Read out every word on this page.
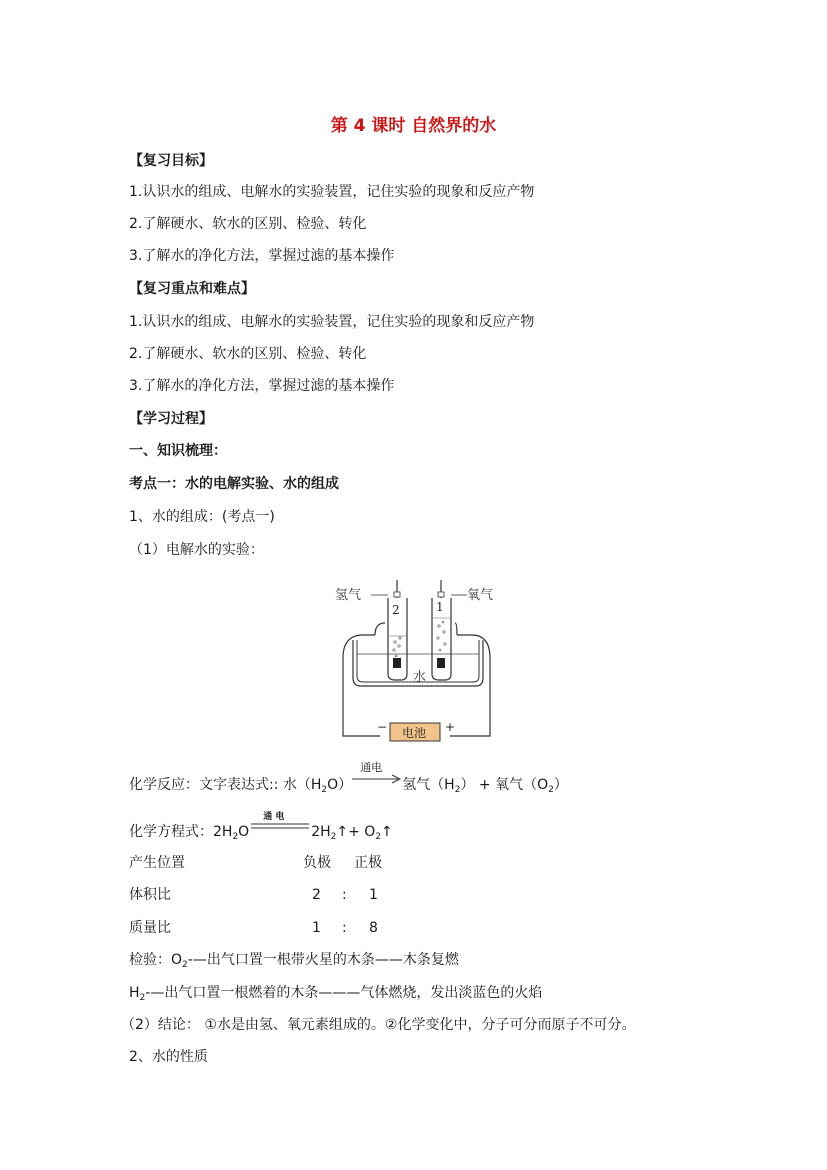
第 4 课时 自然界的水
【复习目标】
1.认识水的组成、电解水的实验装置，记住实验的现象和反应产物
2.了解硬水、软水的区别、检验、转化
3.了解水的净化方法，掌握过滤的基本操作
【复习重点和难点】
1.认识水的组成、电解水的实验装置，记住实验的现象和反应产物
2.了解硬水、软水的区别、检验、转化
3.了解水的净化方法，掌握过滤的基本操作
【学习过程】
一、知识梳理：
考点一：水的电解实验、水的组成
1、水的组成：(考点一)
（1）电解水的实验：
氢气	氧气
2	1
水
电池
−	+
化学反应：文字表达式:: 水$(H_2O)$
通电
氢气$(H_2)$ + 氧气$(O_2)$
化学方程式：$2H_2O$
通 电
$2H_2↑+$ $O_2↑$
产生位置	负极 正极
体积比	2 : 1
质量比	1 : 8
检验：$O_2-—$出气口置一根带火星的木条——木条复燃
$H_2-—$出气口置一根燃着的木条———气体燃烧，发出淡蓝色的火焰
（2）结论： ①水是由氢、氧元素组成的。②化学变化中，分子可分而原子不可分。
2、水的性质
